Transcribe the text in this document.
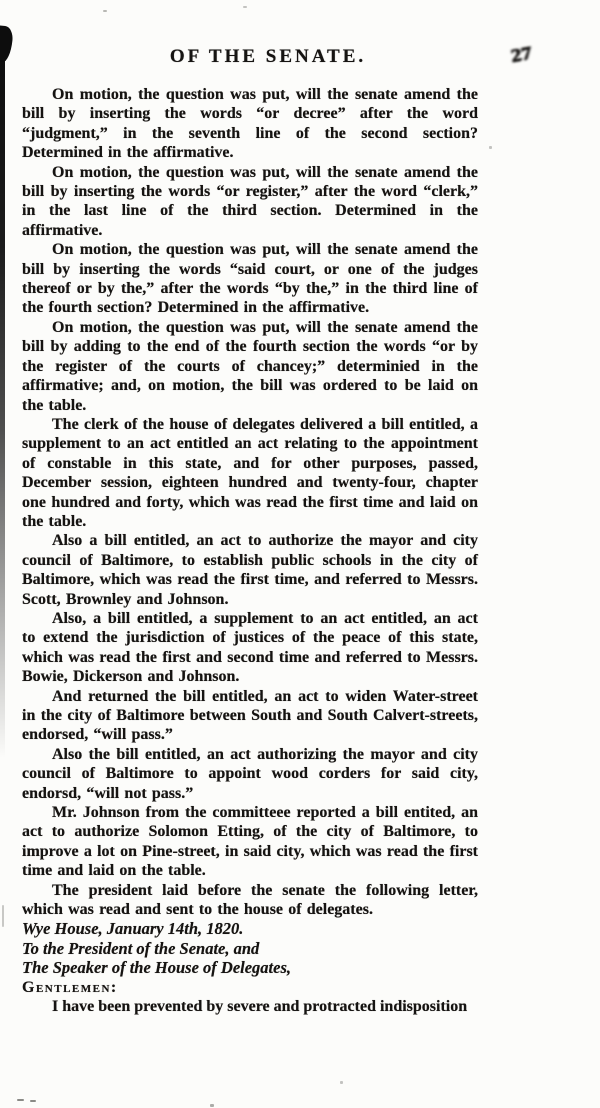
OF THE SENATE.	27

On motion, the question was put, will the senate amend the bill by inserting the words “or decree” after the word “judgment,” in the seventh line of the second section? Determined in the affirmative.

On motion, the question was put, will the senate amend the bill by inserting the words “or register,” after the word “clerk,” in the last line of the third section. Determined in the affirmative.

On motion, the question was put, will the senate amend the bill by inserting the words “said court, or one of the judges thereof or by the,” after the words “by the,” in the third line of the fourth section? Determined in the affirmative.

On motion, the question was put, will the senate amend the bill by adding to the end of the fourth section the words “or by the register of the courts of chancey;” determinied in the affirmative; and, on motion, the bill was ordered to be laid on the table.

The clerk of the house of delegates delivered a bill entitled, a supplement to an act entitled an act relating to the appointment of constable in this state, and for other purposes, passed, December session, eighteen hundred and twenty-four, chapter one hundred and forty, which was read the first time and laid on the table.

Also a bill entitled, an act to authorize the mayor and city council of Baltimore, to establish public schools in the city of Baltimore, which was read the first time, and referred to Messrs. Scott, Brownley and Johnson.

Also, a bill entitled, a supplement to an act entitled, an act to extend the jurisdiction of justices of the peace of this state, which was read the first and second time and referred to Messrs. Bowie, Dickerson and Johnson.

And returned the bill entitled, an act to widen Water-street in the city of Baltimore between South and South Calvert-streets, endorsed, “will pass.”

Also the bill entitled, an act authorizing the mayor and city council of Baltimore to appoint wood corders for said city, endorsd, “will not pass.”

Mr. Johnson from the committeee reported a bill entited, an act to authorize Solomon Etting, of the city of Baltimore, to improve a lot on Pine-street, in said city, which was read the first time and laid on the table.

The president laid before the senate the following letter, which was read and sent to the house of delegates.

Wye House, January 14th, 1820.

To the President of the Senate, and

The Speaker of the House of Delegates,

Gentlemen:

I have been prevented by severe and protracted indisposition
